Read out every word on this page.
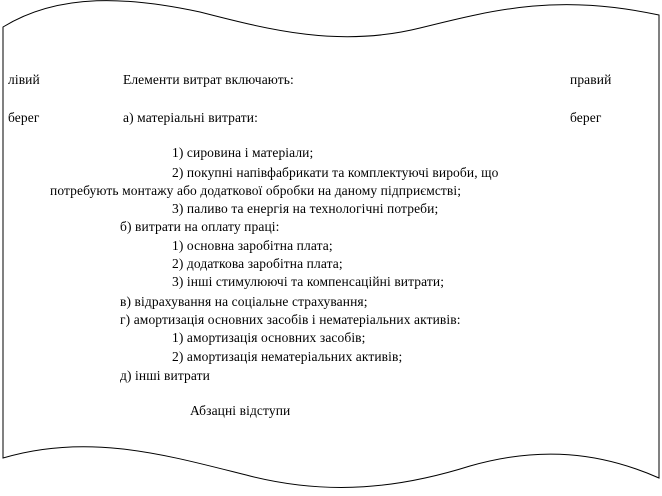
лівий	Елементи витрат включають:	правий
берег	а) матеріальні витрати:	берег
1) сировина і матеріали;
2) покупні напівфабрикати та комплектуючі вироби, що
потребують монтажу або додаткової обробки на даному підприємстві;
3) паливо та енергія на технологічні потреби;
б) витрати на оплату праці:
1) основна заробітна плата;
2) додаткова заробітна плата;
3) інші стимулюючі та компенсаційні витрати;
в) відрахування на соціальне страхування;
г) амортизація основних засобів і нематеріальних активів:
1) амортизація основних засобів;
2) амортизація нематеріальних активів;
д) інші витрати
Абзацні відступи
